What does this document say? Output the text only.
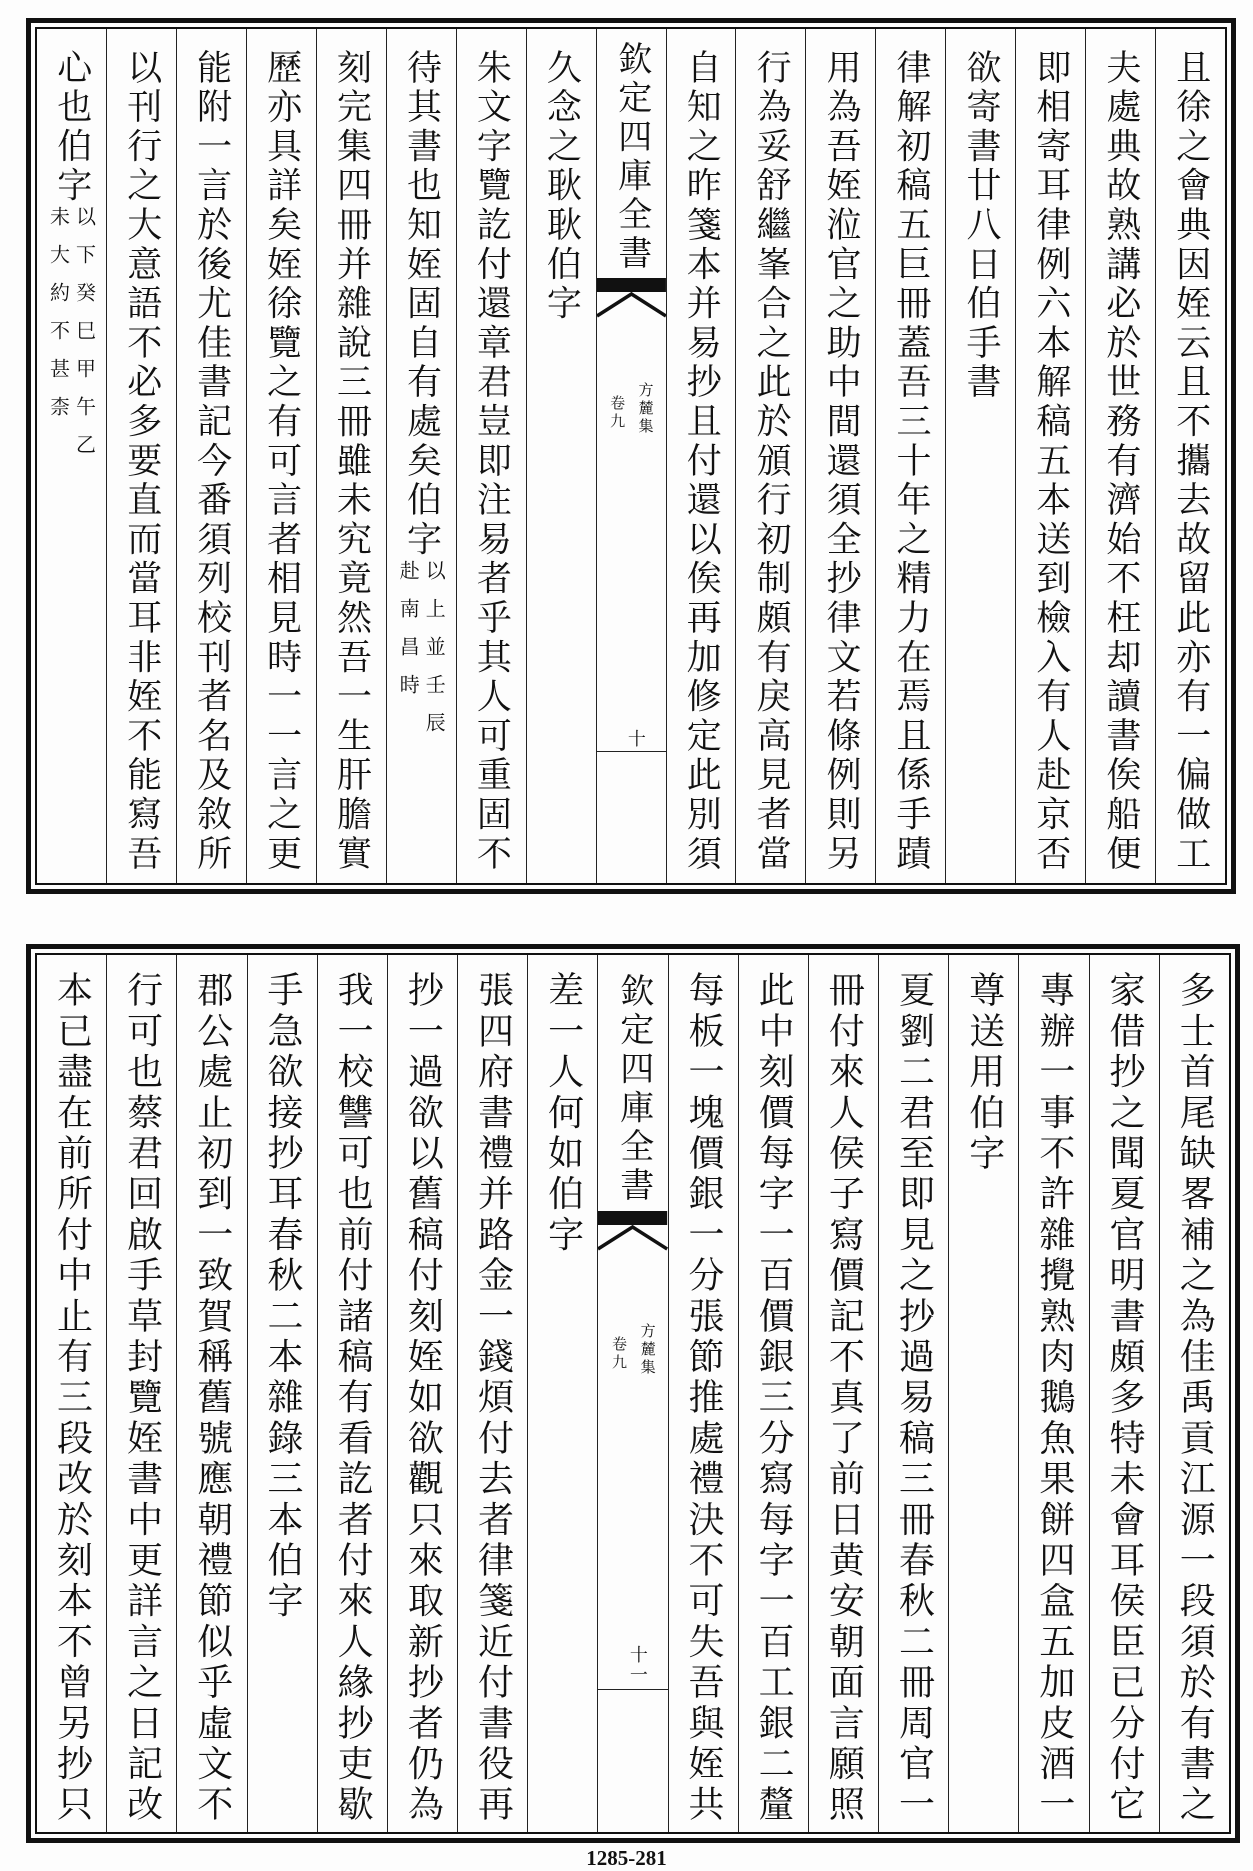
且徐之會典因姪云且不攜去故留此亦有一偏做工
夫處典故熟講必於世務有濟始不枉却讀書俟船便
即相寄耳律例六本解稿五本送到檢入有人赴京否
欲寄書廿八日伯手書
律解初稿五巨冊蓋吾三十年之精力在焉且係手蹟
用為吾姪涖官之助中間還須全抄律文若條例則另
行為妥舒繼峯合之此於頒行初制頗有戾高見者當
自知之昨箋本并易抄且付還以俟再加修定此別須
欽定四庫全書
方麓集
卷九
十
久念之耿耿伯字
朱文字覽訖付還章君豈即注易者乎其人可重固不
待其書也知姪固自有處矣伯字
以上並壬辰
赴南昌時
刻完集四冊并雜說三冊雖未究竟然吾一生肝膽實
歷亦具詳矣姪徐覽之有可言者相見時一一言之更
能附一言於後尤佳書記今番須列校刊者名及敘所
以刊行之大意語不必多要直而當耳非姪不能寫吾
心也伯字
以下癸巳甲午乙
未大約不甚柰
多士首尾缺畧補之為佳禹貢江源一段須於有書之
家借抄之聞夏官明書頗多特未會耳侯臣已分付它
專辦一事不許雜攪熟肉鵝魚果餅四盒五加皮酒一
尊送用伯字
夏劉二君至即見之抄過易稿三冊春秋二冊周官一
冊付來人侯子寫價記不真了前日黄安朝面言願照
此中刻價每字一百價銀三分寫每字一百工銀二釐
每板一塊價銀一分張節推處禮決不可失吾與姪共
欽定四庫全書
方麓集
卷九
十一
差一人何如伯字
張四府書禮并路金一錢煩付去者律箋近付書役再
抄一過欲以舊稿付刻姪如欲觀只來取新抄者仍為
我一校讐可也前付諸稿有看訖者付來人緣抄吏歇
手急欲接抄耳春秋二本雜錄三本伯字
郡公處止初到一致賀稱舊號應朝禮節似乎虛文不
行可也蔡君回啟手草封覽姪書中更詳言之日記改
本已盡在前所付中止有三段改於刻本不曾另抄只
1285-281
